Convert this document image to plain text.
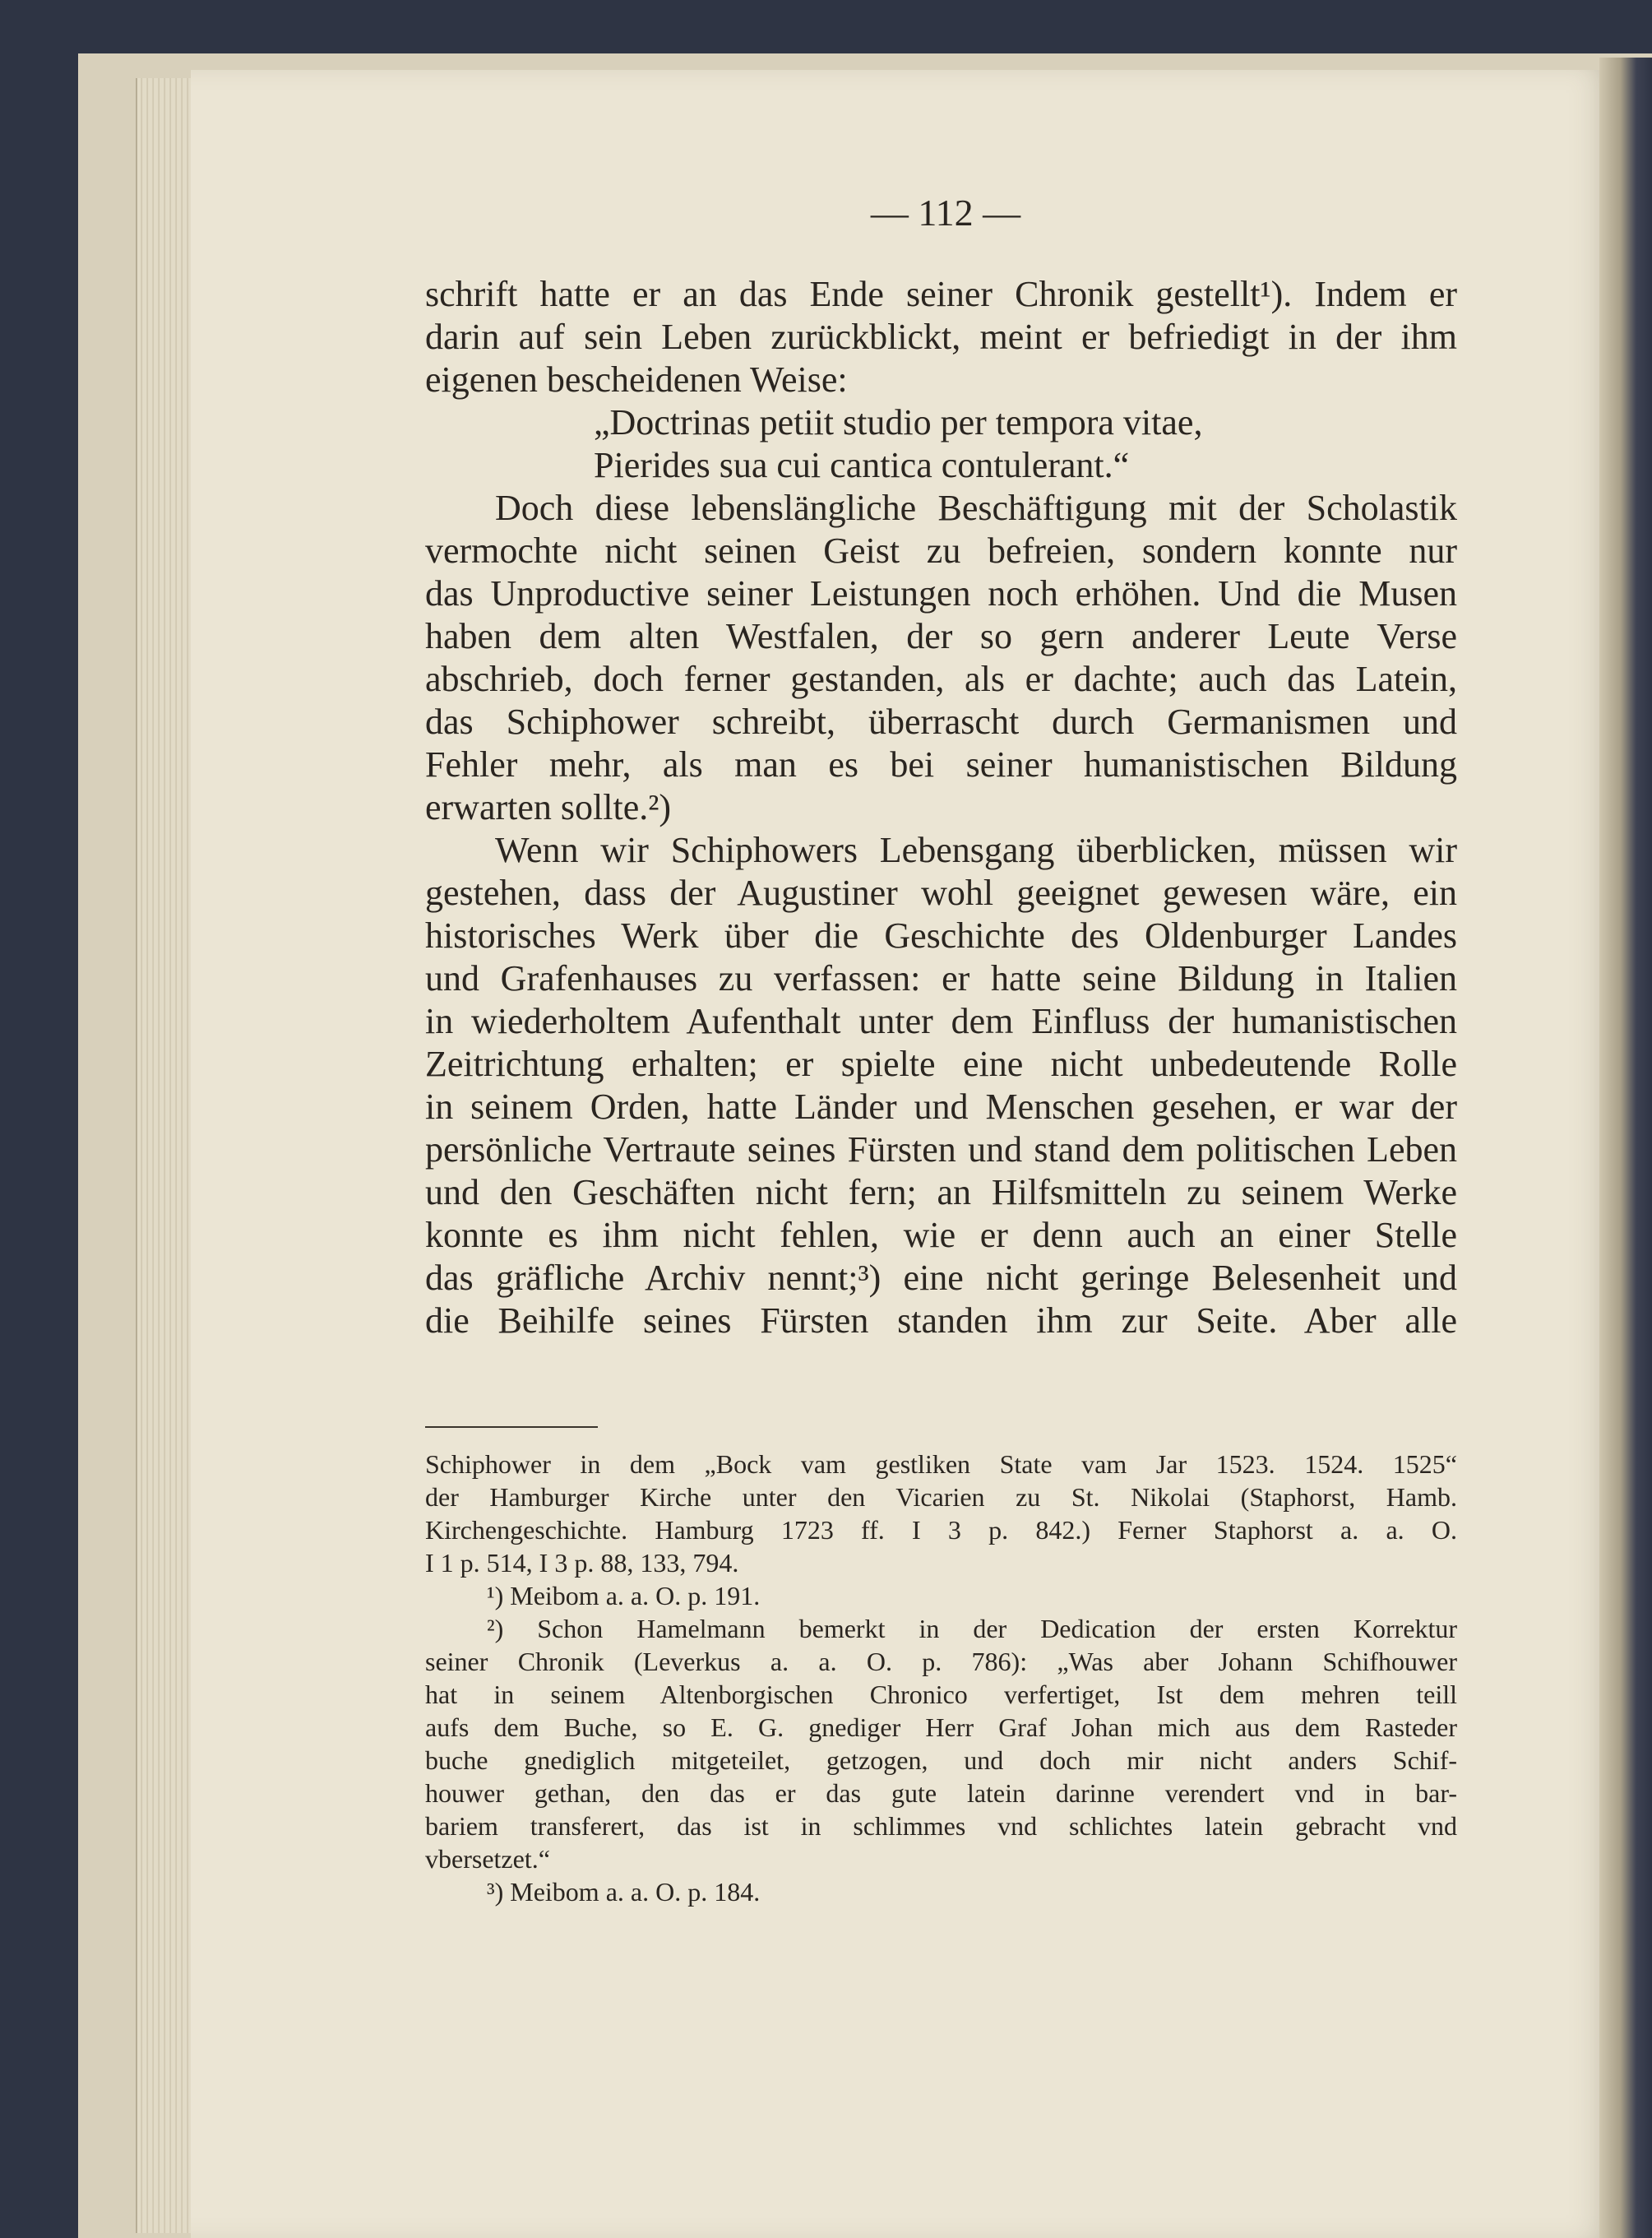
— 112 —
schrift hatte er an das Ende seiner Chronik gestellt¹). Indem er
darin auf sein Leben zurückblickt, meint er befriedigt in der ihm
eigenen bescheidenen Weise:
„Doctrinas petiit studio per tempora vitae,
Pierides sua cui cantica contulerant.“
Doch diese lebenslängliche Beschäftigung mit der Scholastik
vermochte nicht seinen Geist zu befreien, sondern konnte nur
das Unproductive seiner Leistungen noch erhöhen. Und die Musen
haben dem alten Westfalen, der so gern anderer Leute Verse
abschrieb, doch ferner gestanden, als er dachte; auch das Latein,
das Schiphower schreibt, überrascht durch Germanismen und
Fehler mehr, als man es bei seiner humanistischen Bildung
erwarten sollte.²)
Wenn wir Schiphowers Lebensgang überblicken, müssen wir
gestehen, dass der Augustiner wohl geeignet gewesen wäre, ein
historisches Werk über die Geschichte des Oldenburger Landes
und Grafenhauses zu verfassen: er hatte seine Bildung in Italien
in wiederholtem Aufenthalt unter dem Einfluss der humanistischen
Zeitrichtung erhalten; er spielte eine nicht unbedeutende Rolle
in seinem Orden, hatte Länder und Menschen gesehen, er war der
persönliche Vertraute seines Fürsten und stand dem politischen Leben
und den Geschäften nicht fern; an Hilfsmitteln zu seinem Werke
konnte es ihm nicht fehlen, wie er denn auch an einer Stelle
das gräfliche Archiv nennt;³) eine nicht geringe Belesenheit und
die Beihilfe seines Fürsten standen ihm zur Seite. Aber alle
Schiphower in dem „Bock vam gestliken State vam Jar 1523. 1524. 1525“
der Hamburger Kirche unter den Vicarien zu St. Nikolai (Staphorst, Hamb.
Kirchengeschichte. Hamburg 1723 ff. I 3 p. 842.) Ferner Staphorst a. a. O.
I 1 p. 514, I 3 p. 88, 133, 794.
¹) Meibom a. a. O. p. 191.
²) Schon Hamelmann bemerkt in der Dedication der ersten Korrektur
seiner Chronik (Leverkus a. a. O. p. 786): „Was aber Johann Schifhouwer
hat in seinem Altenborgischen Chronico verfertiget, Ist dem mehren teill
aufs dem Buche, so E. G. gnediger Herr Graf Johan mich aus dem Rasteder
buche gnediglich mitgeteilet, getzogen, und doch mir nicht anders Schif-
houwer gethan, den das er das gute latein darinne verendert vnd in bar-
bariem transferert, das ist in schlimmes vnd schlichtes latein gebracht vnd
vbersetzet.“
³) Meibom a. a. O. p. 184.
